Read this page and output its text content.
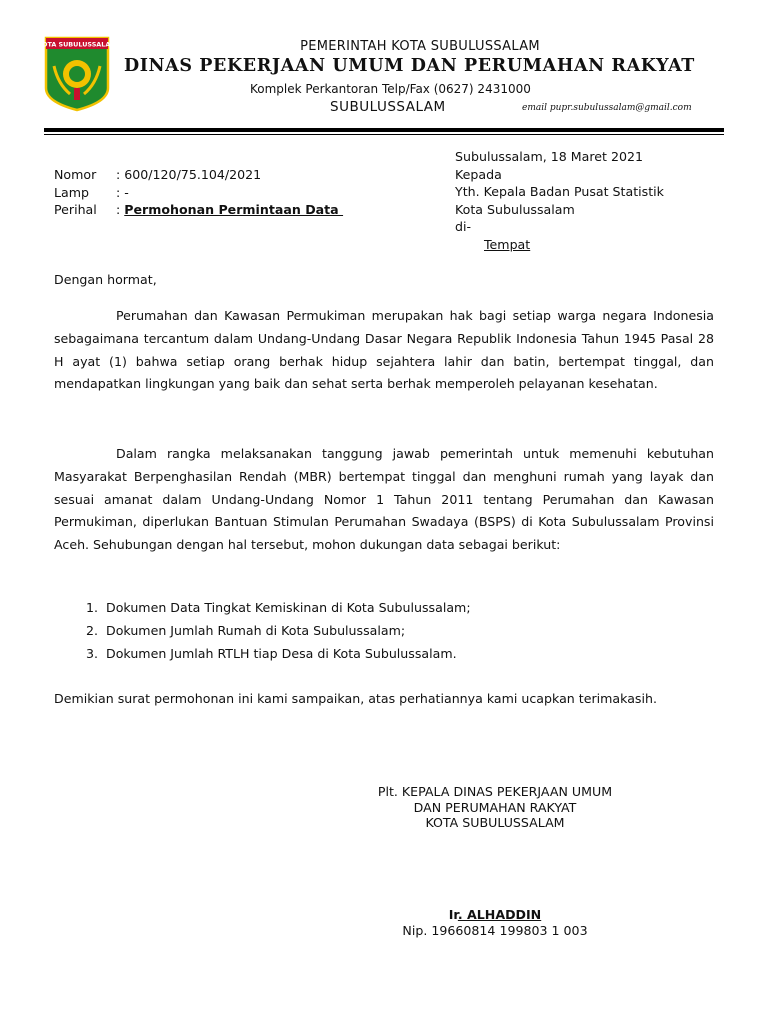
KOTA SUBULUSSALAM	PEMERINTAH KOTA SUBULUSSALAM
DINAS PEKERJAAN UMUM DAN PERUMAHAN RAKYAT
Komplek Perkantoran Telp/Fax (0627) 2431000
SUBULUSSALAM	email pupr.subulussalam@gmail.com
Nomor : 600/120/75.104/2021
Lamp : -
Perihal : Permohonan Permintaan Data
Subulussalam, 18 Maret 2021
Kepada
Yth. Kepala Badan Pusat Statistik
Kota Subulussalam
di-
Tempat
Dengan hormat,
Perumahan dan Kawasan Permukiman merupakan hak bagi setiap warga negara Indonesia sebagaimana tercantum dalam Undang-Undang Dasar Negara Republik Indonesia Tahun 1945 Pasal 28 H ayat (1) bahwa setiap orang berhak hidup sejahtera lahir dan batin, bertempat tinggal, dan mendapatkan lingkungan yang baik dan sehat serta berhak memperoleh pelayanan kesehatan.
Dalam rangka melaksanakan tanggung jawab pemerintah untuk memenuhi kebutuhan Masyarakat Berpenghasilan Rendah (MBR) bertempat tinggal dan menghuni rumah yang layak dan sesuai amanat dalam Undang-Undang Nomor 1 Tahun 2011 tentang Perumahan dan Kawasan Permukiman, diperlukan Bantuan Stimulan Perumahan Swadaya (BSPS) di Kota Subulussalam Provinsi Aceh. Sehubungan dengan hal tersebut, mohon dukungan data sebagai berikut:
1. Dokumen Data Tingkat Kemiskinan di Kota Subulussalam;
2. Dokumen Jumlah Rumah di Kota Subulussalam;
3. Dokumen Jumlah RTLH tiap Desa di Kota Subulussalam.
Demikian surat permohonan ini kami sampaikan, atas perhatiannya kami ucapkan terimakasih.
Plt. KEPALA DINAS PEKERJAAN UMUM
DAN PERUMAHAN RAKYAT
KOTA SUBULUSSALAM
Ir. ALHADDIN
Nip. 19660814 199803 1 003
